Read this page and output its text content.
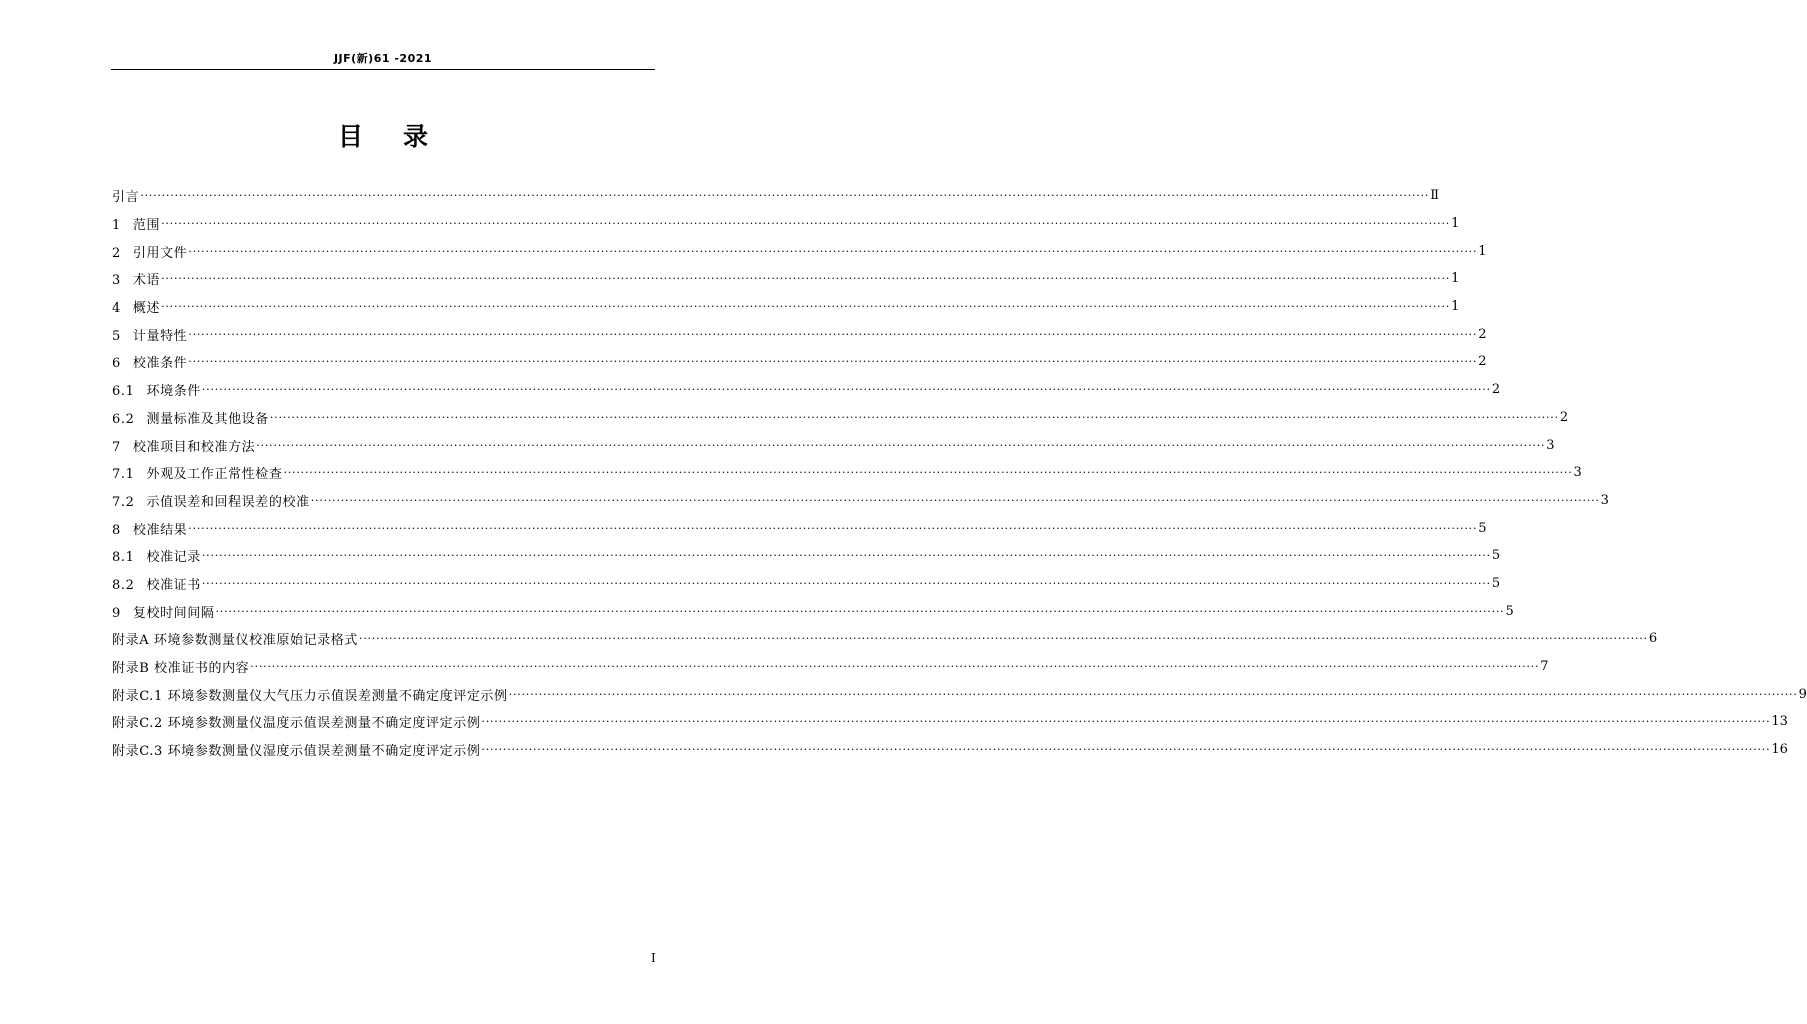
JJF(新)61 -2021
目 录
引言 ············································································································································································································································································································ Ⅱ
1 范围 ············································································································································································································································································································ 1
2 引用文件 ············································································································································································································································································································ 1
3 术语 ············································································································································································································································································································ 1
4 概述 ············································································································································································································································································································ 1
5 计量特性 ············································································································································································································································································································ 2
6 校准条件 ············································································································································································································································································································ 2
6.1 环境条件 ············································································································································································································································································································ 2
6.2 测量标准及其他设备 ············································································································································································································································································································ 2
7 校准项目和校准方法 ············································································································································································································································································································ 3
7.1 外观及工作正常性检查 ············································································································································································································································································································ 3
7.2 示值误差和回程误差的校准 ············································································································································································································································································································ 3
8 校准结果 ············································································································································································································································································································ 5
8.1 校准记录 ············································································································································································································································································································ 5
8.2 校准证书 ············································································································································································································································································································ 5
9 复校时间间隔 ············································································································································································································································································································ 5
附录A 环境参数测量仪校准原始记录格式 ············································································································································································································································································································ 6
附录B 校准证书的内容 ············································································································································································································································································································ 7
附录C.1 环境参数测量仪大气压力示值误差测量不确定度评定示例 ············································································································································································································································································································ 9
附录C.2 环境参数测量仪温度示值误差测量不确定度评定示例 ············································································································································································································································································································ 13
附录C.3 环境参数测量仪湿度示值误差测量不确定度评定示例 ············································································································································································································································································································ 16
I
